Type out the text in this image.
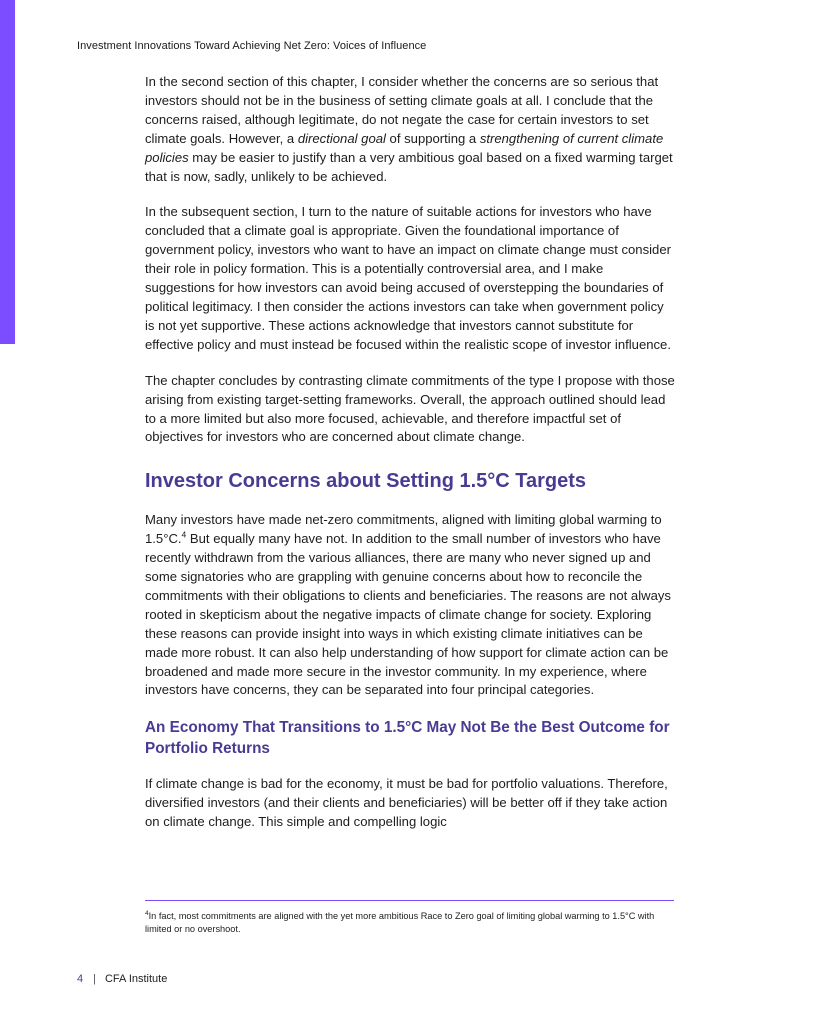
Investment Innovations Toward Achieving Net Zero: Voices of Influence

In the second section of this chapter, I consider whether the concerns are so serious that investors should not be in the business of setting climate goals at all. I conclude that the concerns raised, although legitimate, do not negate the case for certain investors to set climate goals. However, a directional goal of supporting a strengthening of current climate policies may be easier to justify than a very ambitious goal based on a fixed warming target that is now, sadly, unlikely to be achieved.

In the subsequent section, I turn to the nature of suitable actions for investors who have concluded that a climate goal is appropriate. Given the foundational importance of government policy, investors who want to have an impact on climate change must consider their role in policy formation. This is a potentially controversial area, and I make suggestions for how investors can avoid being accused of overstepping the boundaries of political legitimacy. I then consider the actions investors can take when government policy is not yet supportive. These actions acknowledge that investors cannot substitute for effective policy and must instead be focused within the realistic scope of investor influence.

The chapter concludes by contrasting climate commitments of the type I propose with those arising from existing target-setting frameworks. Overall, the approach outlined should lead to a more limited but also more focused, achievable, and therefore impactful set of objectives for investors who are concerned about climate change.

Investor Concerns about Setting 1.5°C Targets

Many investors have made net-zero commitments, aligned with limiting global warming to 1.5°C.$^4$ But equally many have not. In addition to the small number of investors who have recently withdrawn from the various alliances, there are many who never signed up and some signatories who are grappling with genuine concerns about how to reconcile the commitments with their obligations to clients and beneficiaries. The reasons are not always rooted in skepticism about the negative impacts of climate change for society. Exploring these reasons can provide insight into ways in which existing climate initiatives can be made more robust. It can also help understanding of how support for climate action can be broadened and made more secure in the investor community. In my experience, where investors have concerns, they can be separated into four principal categories.

An Economy That Transitions to 1.5°C May Not Be the Best Outcome for Portfolio Returns

If climate change is bad for the economy, it must be bad for portfolio valuations. Therefore, diversified investors (and their clients and beneficiaries) will be better off if they take action on climate change. This simple and compelling logic

$^4$In fact, most commitments are aligned with the yet more ambitious Race to Zero goal of limiting global warming to 1.5°C with limited or no overshoot.
4 | CFA Institute
